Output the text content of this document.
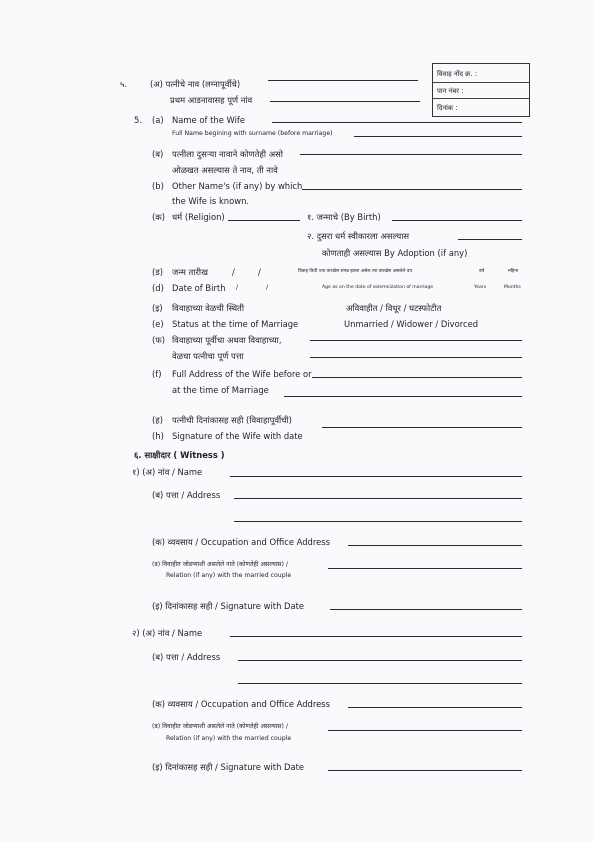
विवाह नोंद क्र. :
पान नंबर :
दिनांक :
५.	(अ) पत्नीचे नाव (लग्नापूर्वीचे)
प्रथम आडनावासह पूर्ण नांव
5. (a) Name of the Wife
Full Name begining with surname (before marriage)
(ब) पत्नीला दुसऱ्या नावाने कोणतेही असो
ओळखत असल्यास ते नाव, ती नावे
(b) Other Name's (if any) by which
the Wife is known.
(क) धर्म (Religion)	१. जन्माचे (By Birth)
२. दुसरा धर्म स्वीकारला असल्यास
कोणताही असल्यास By Adoption (if any)
(ड) जन्म तारीख	/	/	विवाह विधी ज्या तारखेस संपन्न झाला असेल त्या तारखेस असलेले वय	वर्ष	महिना
(d) Date of Birth /	/	Age as on the date of solemnization of marriage	Years	Months
(इ) विवाहाच्या वेळची स्थिती	अविवाहीत / विधूर / घटस्फोटीत
(e) Status at the time of Marriage	Unmarried / Widower / Divorced
(फ) विवाहाच्या पूर्वीचा अथवा विवाहाच्या,
वेळचा पत्नीचा पूर्ण पत्ता
(f) Full Address of the Wife before or
at the time of Marriage
(ह) पत्नीची दिनांकासह सही (विवाहापूर्वीची)
(h) Signature of the Wife with date
६. साक्षीदार ( Witness )
१) (अ) नांव / Name
(ब) पत्ता / Address
(क) व्यवसाय / Occupation and Office Address
(ड) विवाहीत जोडप्याशी असलेले नाते (कोणतेही असल्यास) /
Relation (if any) with the married couple
(इ) दिनांकासह सही / Signature with Date
२) (अ) नांव / Name
(ब) पत्ता / Address
(क) व्यवसाय / Occupation and Office Address
(ड) विवाहीत जोडप्याशी असलेले नाते (कोणतेही असल्यास) /
Relation (if any) with the married couple
(इ) दिनांकासह सही / Signature with Date
